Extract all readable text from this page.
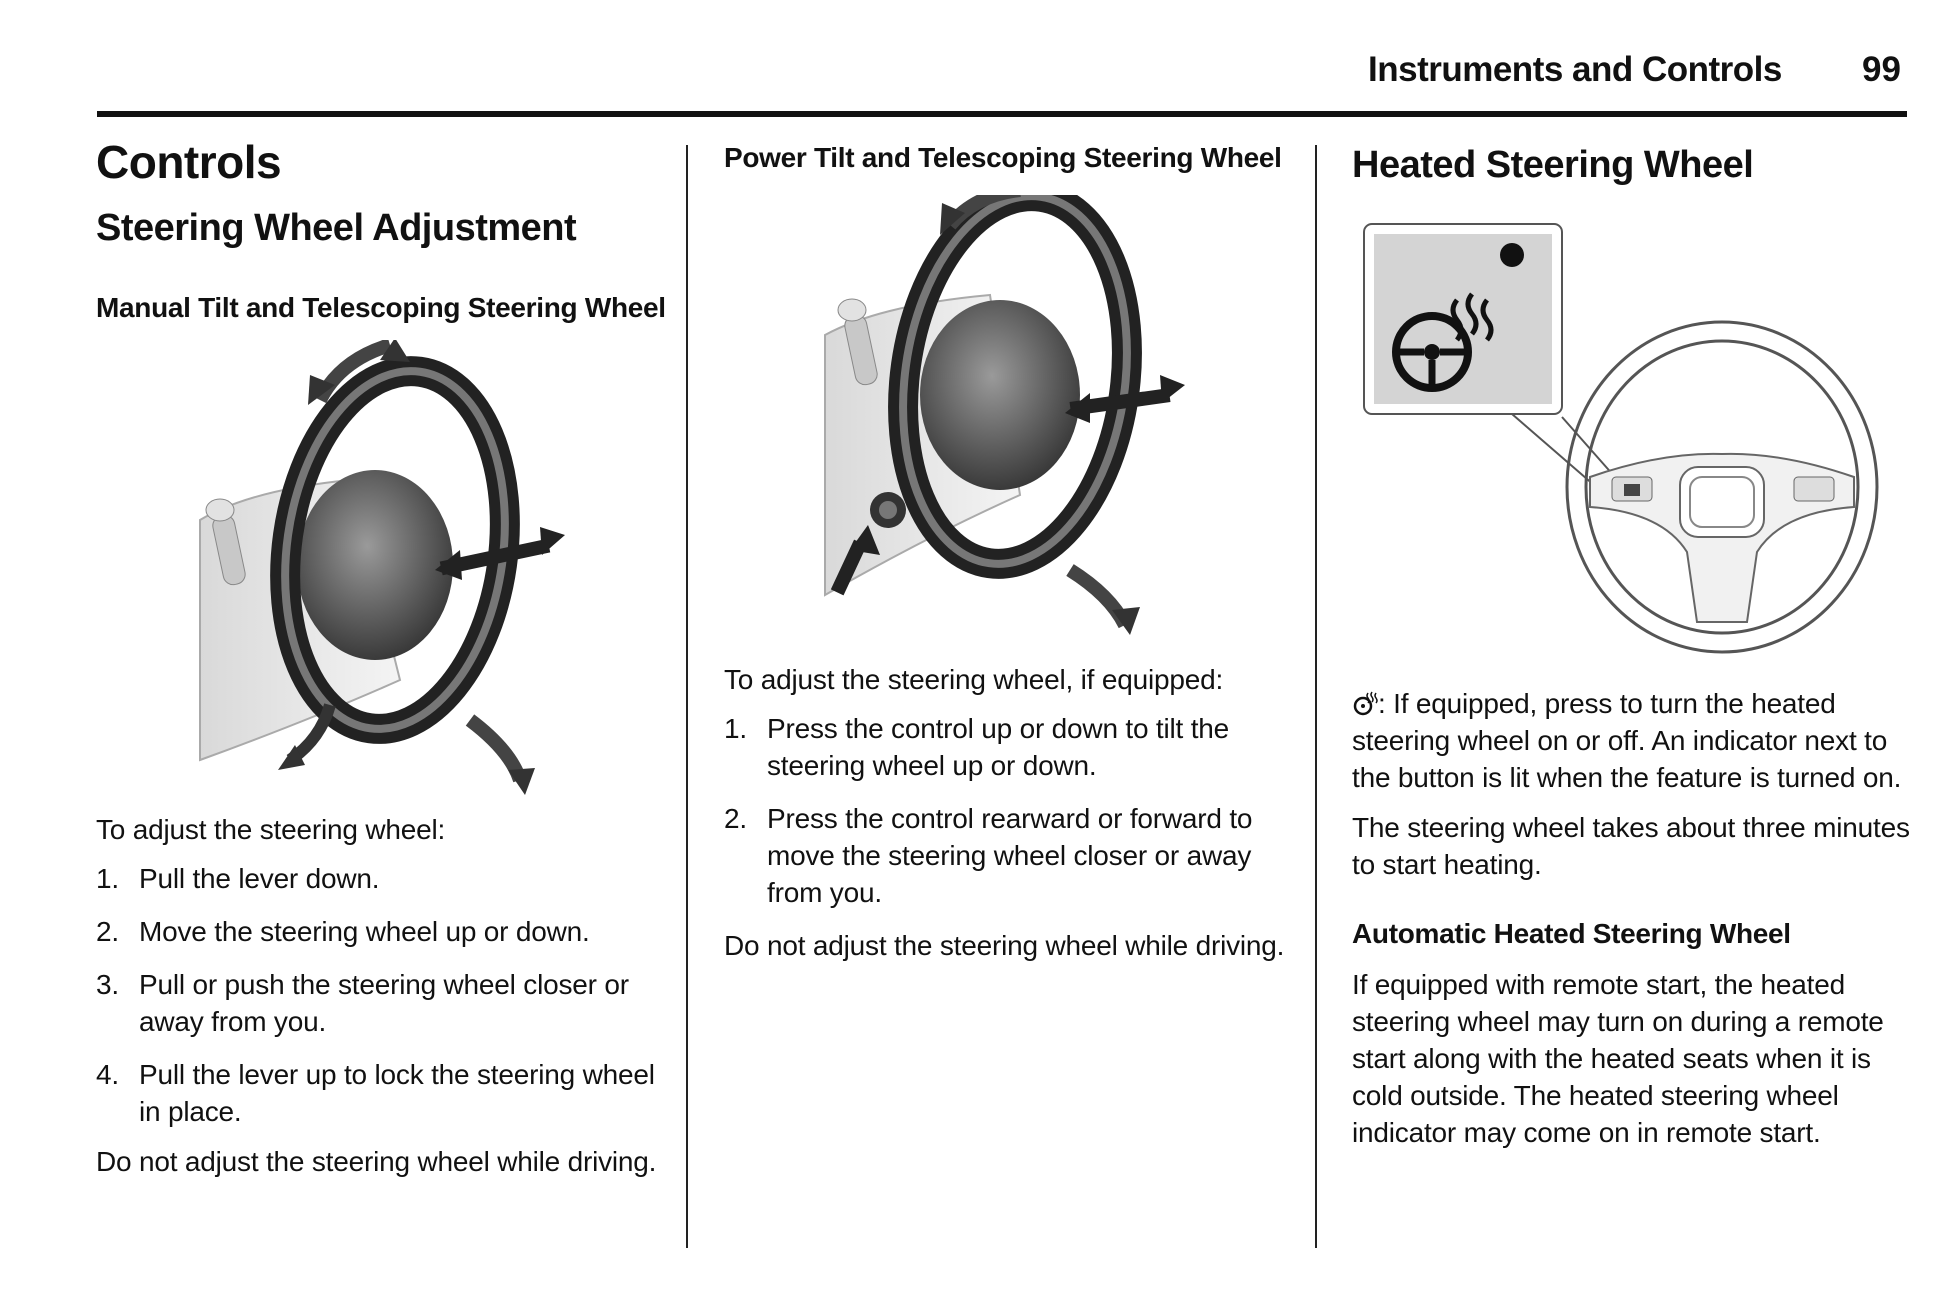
Instruments and Controls 99
Controls
Steering Wheel Adjustment
Manual Tilt and Telescoping Steering Wheel
To adjust the steering wheel:
1. Pull the lever down.
2. Move the steering wheel up or down.
3. Pull or push the steering wheel closer or away from you.
4. Pull the lever up to lock the steering wheel in place.
Do not adjust the steering wheel while driving.
Power Tilt and Telescoping Steering Wheel
To adjust the steering wheel, if equipped:
1. Press the control up or down to tilt the steering wheel up or down.
2. Press the control rearward or forward to move the steering wheel closer or away from you.
Do not adjust the steering wheel while driving.
Heated Steering Wheel
: If equipped, press to turn the heated steering wheel on or off. An indicator next to the button is lit when the feature is turned on.
The steering wheel takes about three minutes to start heating.
Automatic Heated Steering Wheel
If equipped with remote start, the heated steering wheel may turn on during a remote start along with the heated seats when it is cold outside. The heated steering wheel indicator may come on in remote start.
